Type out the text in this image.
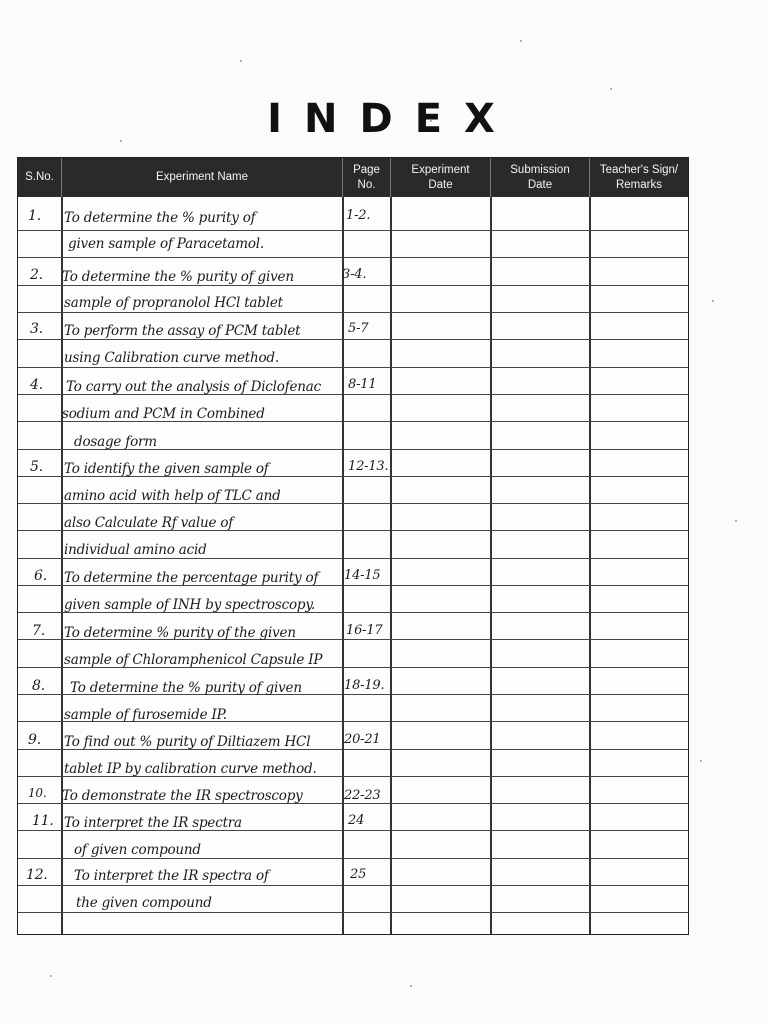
INDEX
S.No.	Experiment Name
Page No.
Experiment Date
Submission Date
Teacher's Sign/ Remarks
1. To determine the % purity of
given sample of Paracetamol.
1-2.
2. To determine the % purity of given
sample of propranolol HCl tablet
3-4.
3. To perform the assay of PCM tablet
using Calibration curve method.
5-7
4. To carry out the analysis of Diclofenac
sodium and PCM in Combined
dosage form
8-11
5. To identify the given sample of
amino acid with help of TLC and
also Calculate Rf value of
individual amino acid
12-13.
6. To determine the percentage purity of
given sample of INH by spectroscopy.
14-15
7. To determine % purity of the given
sample of Chloramphenicol Capsule IP
16-17
8. To determine the % purity of given
sample of furosemide IP.
18-19.
9. To find out % purity of Diltiazem HCl
tablet IP by calibration curve method.
20-21
10. To demonstrate the IR spectroscopy	22-23
11. To interpret the IR spectra
of given compound
24
12. To interpret the IR spectra of
the given compound
25
